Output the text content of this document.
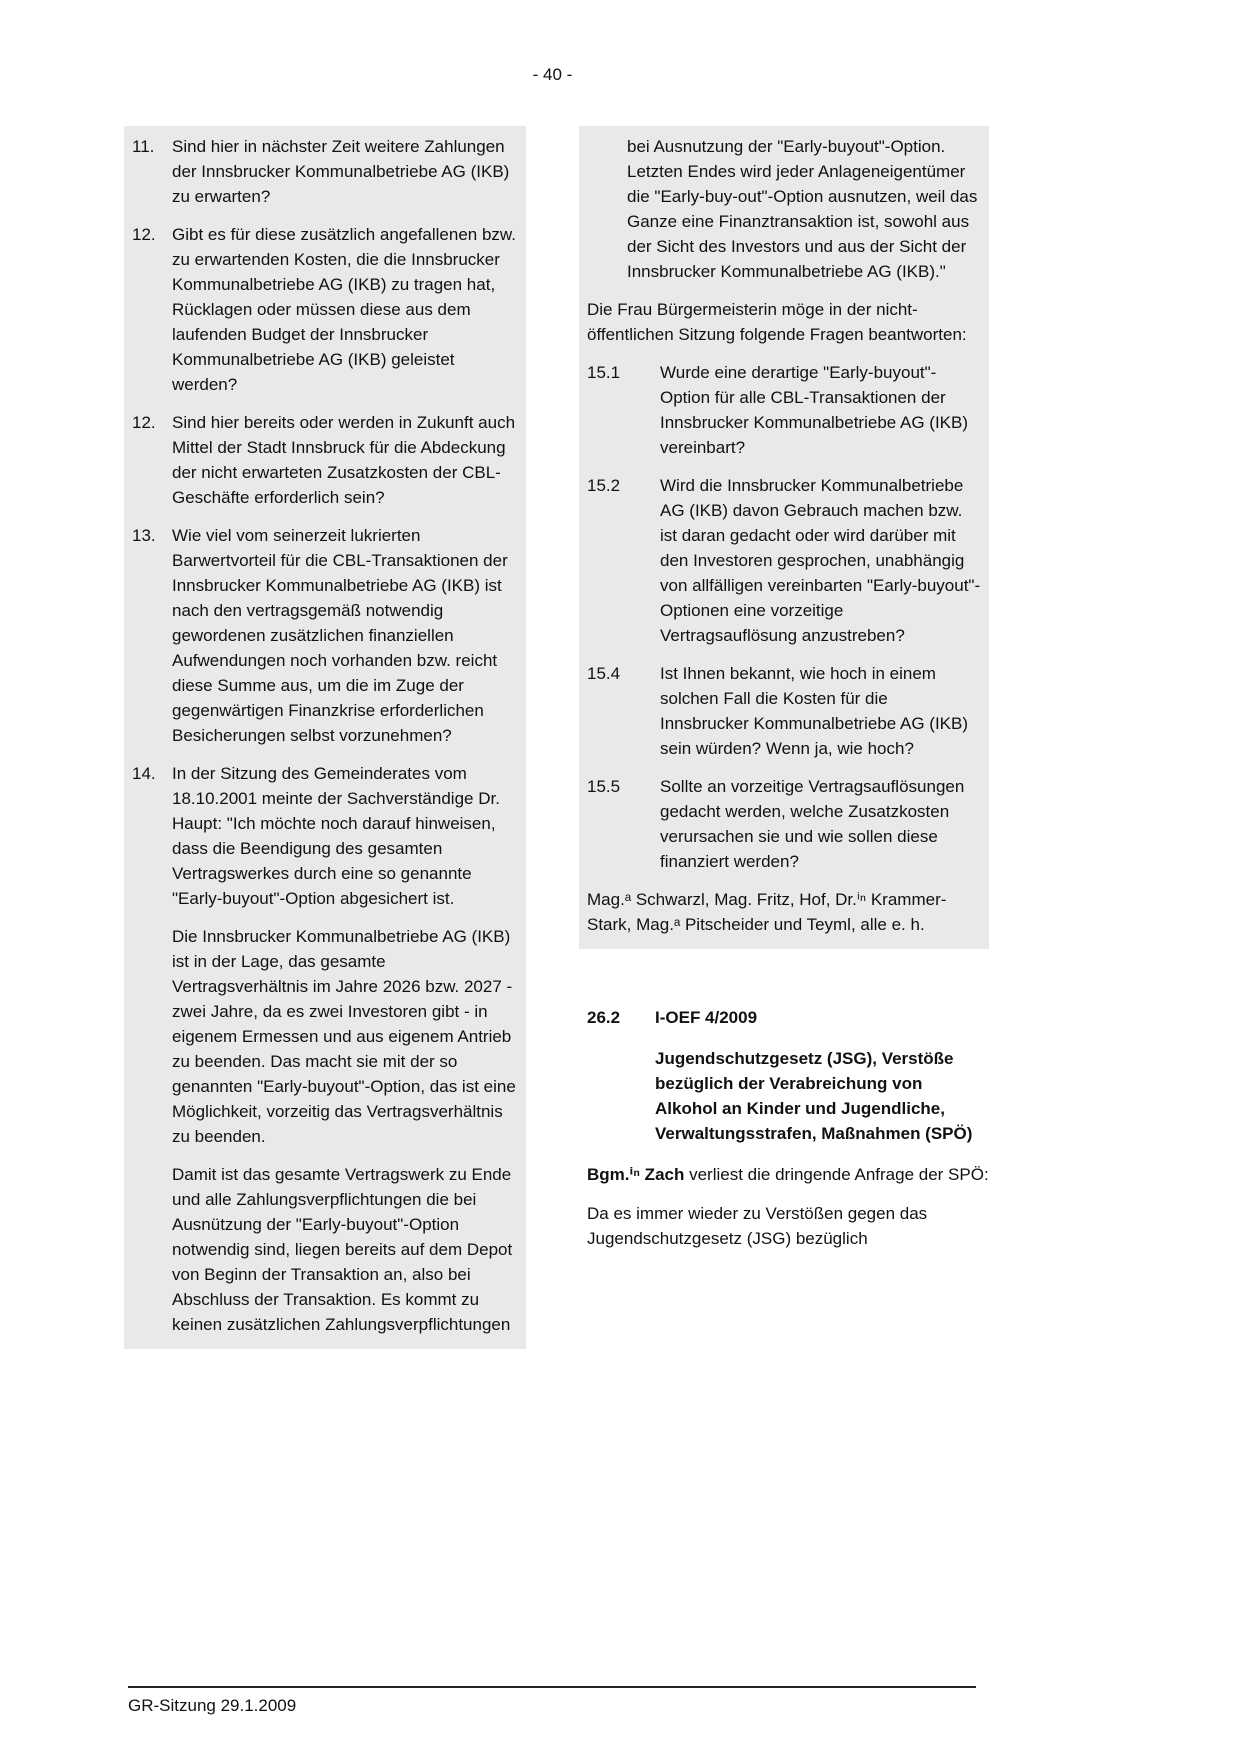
- 40 -
11.	Sind hier in nächster Zeit weitere Zahlungen der Innsbrucker Kommunalbetriebe AG (IKB) zu erwarten?
12. Gibt es für diese zusätzlich angefallenen bzw. zu erwartenden Kosten, die die Innsbrucker Kommunalbetriebe AG (IKB) zu tragen hat, Rücklagen oder müssen diese aus dem laufenden Budget der Innsbrucker Kommunalbetriebe AG (IKB) geleistet werden?
12. Sind hier bereits oder werden in Zukunft auch Mittel der Stadt Innsbruck für die Abdeckung der nicht erwarteten Zusatzkosten der CBL-Geschäfte erforderlich sein?
13. Wie viel vom seinerzeit lukrierten Barwertvorteil für die CBL-Transaktionen der Innsbrucker Kommunalbetriebe AG (IKB) ist nach den vertragsgemäß notwendig gewordenen zusätzlichen finanziellen Aufwendungen noch vorhanden bzw. reicht diese Summe aus, um die im Zuge der gegenwärtigen Finanzkrise erforderlichen Besicherungen selbst vorzunehmen?
14. In der Sitzung des Gemeinderates vom 18.10.2001 meinte der Sachverständige Dr. Haupt: "Ich möchte noch darauf hinweisen, dass die Beendigung des gesamten Vertragswerkes durch eine so genannte "Early-buyout"-Option abgesichert ist.
Die Innsbrucker Kommunalbetriebe AG (IKB) ist in der Lage, das gesamte Vertragsverhältnis im Jahre 2026 bzw. 2027 - zwei Jahre, da es zwei Investoren gibt - in eigenem Ermessen und aus eigenem Antrieb zu beenden. Das macht sie mit der so genannten "Early-buyout"-Option, das ist eine Möglichkeit, vorzeitig das Vertragsverhältnis zu beenden.
Damit ist das gesamte Vertragswerk zu Ende und alle Zahlungsverpflichtungen die bei Ausnützung der "Early-buyout"-Option notwendig sind, liegen bereits auf dem Depot von Beginn der Transaktion an, also bei Abschluss der Transaktion. Es kommt zu keinen zusätzlichen Zahlungsverpflichtungen

bei Ausnutzung der "Early-buyout"-Option. Letzten Endes wird jeder Anlageneigentümer die "Early-buy-out"-Option ausnutzen, weil das Ganze eine Finanztransaktion ist, sowohl aus der Sicht des Investors und aus der Sicht der Innsbrucker Kommunalbetriebe AG (IKB)."

Die Frau Bürgermeisterin möge in der nicht-öffentlichen Sitzung folgende Fragen beantworten:

15.1	Wurde eine derartige "Early-buyout"-Option für alle CBL-Transaktionen der Innsbrucker Kommunalbetriebe AG (IKB) vereinbart?
15.2	Wird die Innsbrucker Kommunalbetriebe AG (IKB) davon Gebrauch machen bzw. ist daran gedacht oder wird darüber mit den Investoren gesprochen, unabhängig von allfälligen vereinbarten "Early-buyout"-Optionen eine vorzeitige Vertragsauflösung anzustreben?
15.4	Ist Ihnen bekannt, wie hoch in einem solchen Fall die Kosten für die Innsbrucker Kommunalbetriebe AG (IKB) sein würden? Wenn ja, wie hoch?
15.5	Sollte an vorzeitige Vertragsauflösungen gedacht werden, welche Zusatzkosten verursachen sie und wie sollen diese finanziert werden?

Mag.ᵃ Schwarzl, Mag. Fritz, Hof, Dr.ⁱⁿ Krammer-Stark, Mag.ᵃ Pitscheider und Teyml, alle e. h.

26.2	I-OEF 4/2009
Jugendschutzgesetz (JSG), Verstöße bezüglich der Verabreichung von Alkohol an Kinder und Jugendliche, Verwaltungsstrafen, Maßnahmen (SPÖ)

Bgm.ⁱⁿ Zach verliest die dringende Anfrage der SPÖ:

Da es immer wieder zu Verstößen gegen das Jugendschutzgesetz (JSG) bezüglich

GR-Sitzung 29.1.2009
